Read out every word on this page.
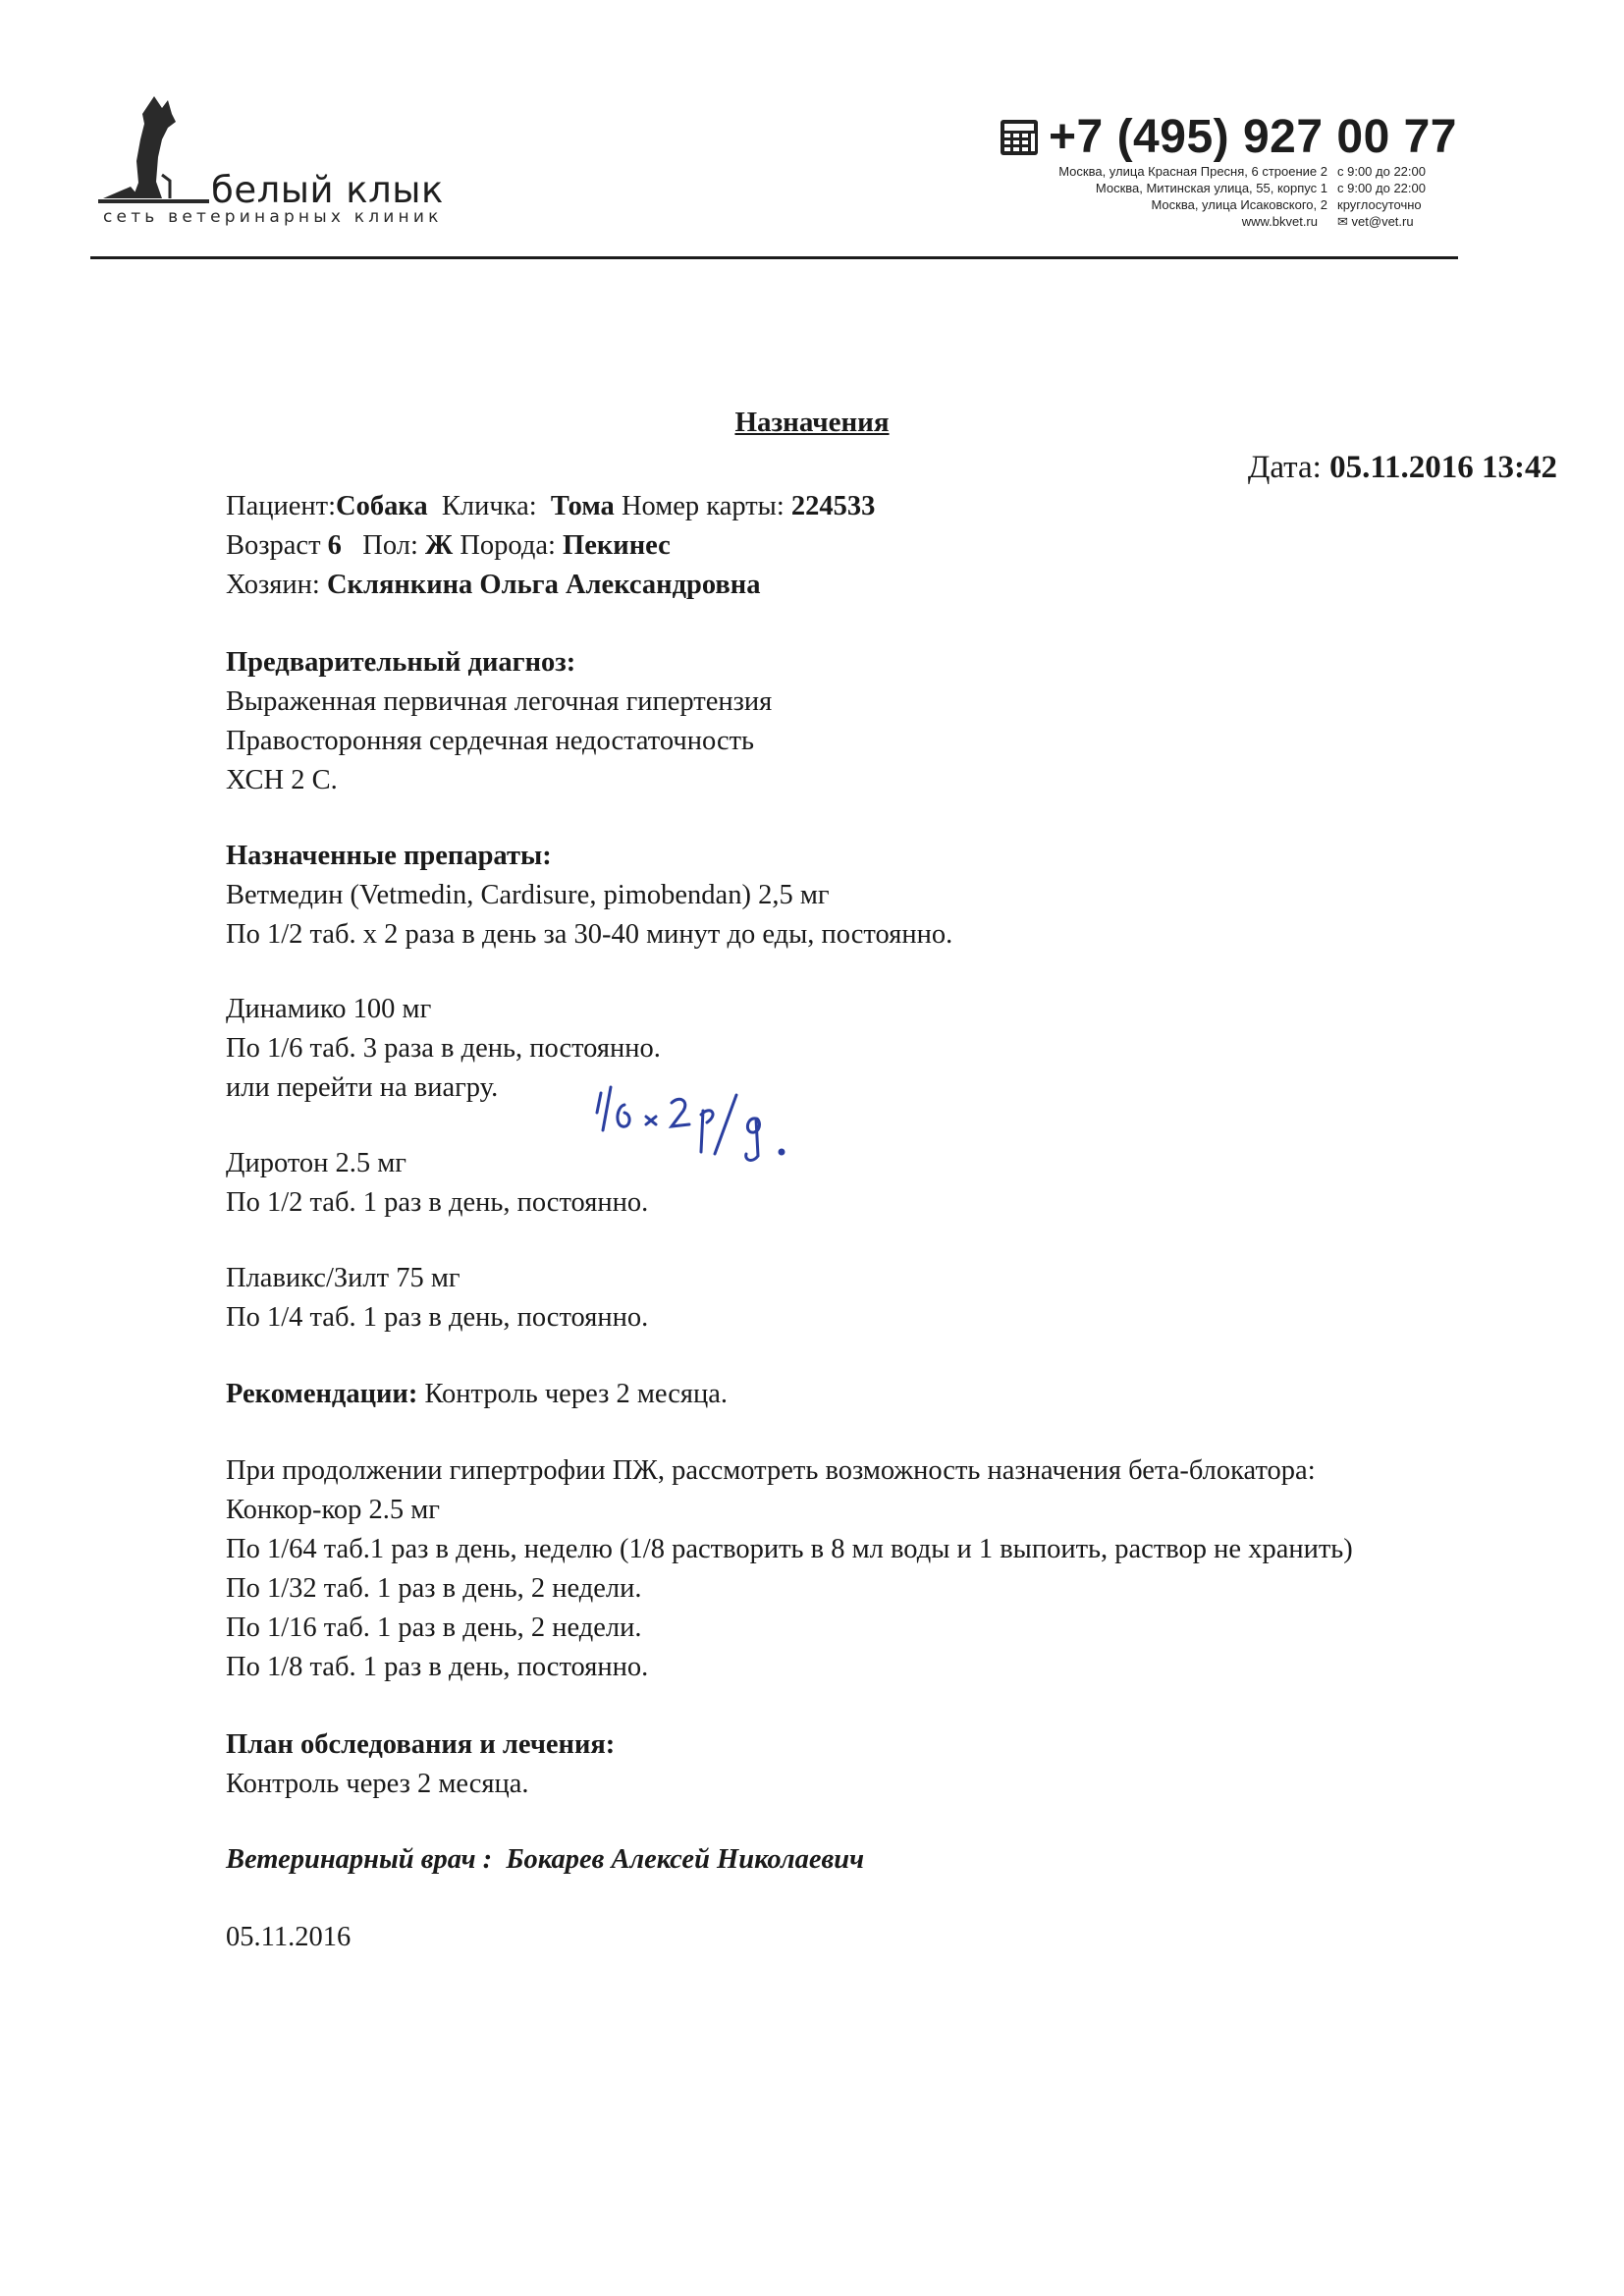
белый клык
сеть ветеринарных клиник
+7 (495) 927 00 77
Москва, улица Красная Пресня, 6 строение 2 с 9:00 до 22:00
Москва, Митинская улица, 55, корпус 1 с 9:00 до 22:00
Москва, улица Исаковского, 2 круглосуточно
www.bkvet.ru	✉ vet@vet.ru
Назначения
Дата: 05.11.2016 13:42
Пациент:Собака Кличка: Тома Номер карты: 224533
Возраст 6 Пол: Ж Порода: Пекинес
Хозяин: Склянкина Ольга Александровна
Предварительный диагноз:
Выраженная первичная легочная гипертензия
Правосторонняя сердечная недостаточность
ХСН 2 С.
Назначенные препараты:
Ветмедин (Vetmedin, Cardisure, pimobendan) 2,5 мг
По 1/2 таб. х 2 раза в день за 30-40 минут до еды, постоянно.
Динамико 100 мг
По 1/6 таб. 3 раза в день, постоянно.
или перейти на виагру.
Диротон 2.5 мг
По 1/2 таб. 1 раз в день, постоянно.
Плавикс/Зилт 75 мг
По 1/4 таб. 1 раз в день, постоянно.
Рекомендации: Контроль через 2 месяца.
При продолжении гипертрофии ПЖ, рассмотреть возможность назначения бета-блокатора:
Конкор-кор 2.5 мг
По 1/64 таб.1 раз в день, неделю (1/8 растворить в 8 мл воды и 1 выпоить, раствор не хранить)
По 1/32 таб. 1 раз в день, 2 недели.
По 1/16 таб. 1 раз в день, 2 недели.
По 1/8 таб. 1 раз в день, постоянно.
План обследования и лечения:
Контроль через 2 месяца.
Ветеринарный врач : Бокарев Алексей Николаевич
05.11.2016
